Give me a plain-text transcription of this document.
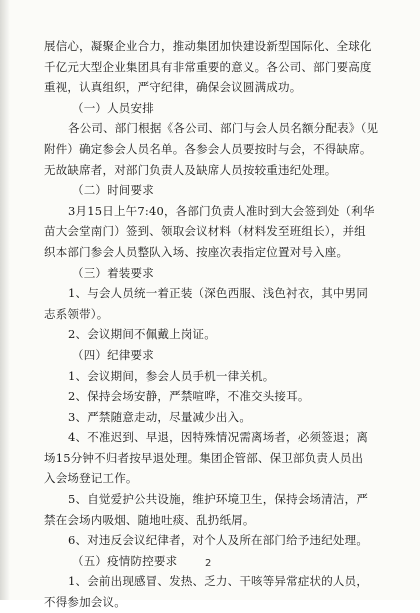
展信心，凝聚企业合力，推动集团加快建设新型国际化、全球化
千亿元大型企业集团具有非常重要的意义。各公司、部门要高度
重视，认真组织，严守纪律，确保会议圆满成功。
（一）人员安排
各公司、部门根据《各公司、部门与会人员名额分配表》（见
附件）确定参会人员名单。各参会人员要按时与会，不得缺席。
无故缺席者，对部门负责人及缺席人员按较重违纪处理。
（二）时间要求
3月15日上午7:40，各部门负责人准时到大会签到处（利华
苗大会堂南门）签到、领取会议材料（材料发至班组长），并组
织本部门参会人员整队入场、按座次表指定位置对号入座。
（三）着装要求
1、与会人员统一着正装（深色西服、浅色衬衣，其中男同
志系领带）。
2、会议期间不佩戴上岗证。
（四）纪律要求
1、会议期间，参会人员手机一律关机。
2、保持会场安静，严禁喧哗，不准交头接耳。
3、严禁随意走动，尽量减少出入。
4、不准迟到、早退，因特殊情况需离场者，必须签退；离
场15分钟不归者按早退处理。集团企管部、保卫部负责人员出
入会场登记工作。
5、自觉爱护公共设施，维护环境卫生，保持会场清洁，严
禁在会场内吸烟、随地吐痰、乱扔纸屑。
6、对违反会议纪律者，对个人及所在部门给予违纪处理。
（五）疫情防控要求
1、会前出现感冒、发热、乏力、干咳等异常症状的人员，
不得参加会议。
2
